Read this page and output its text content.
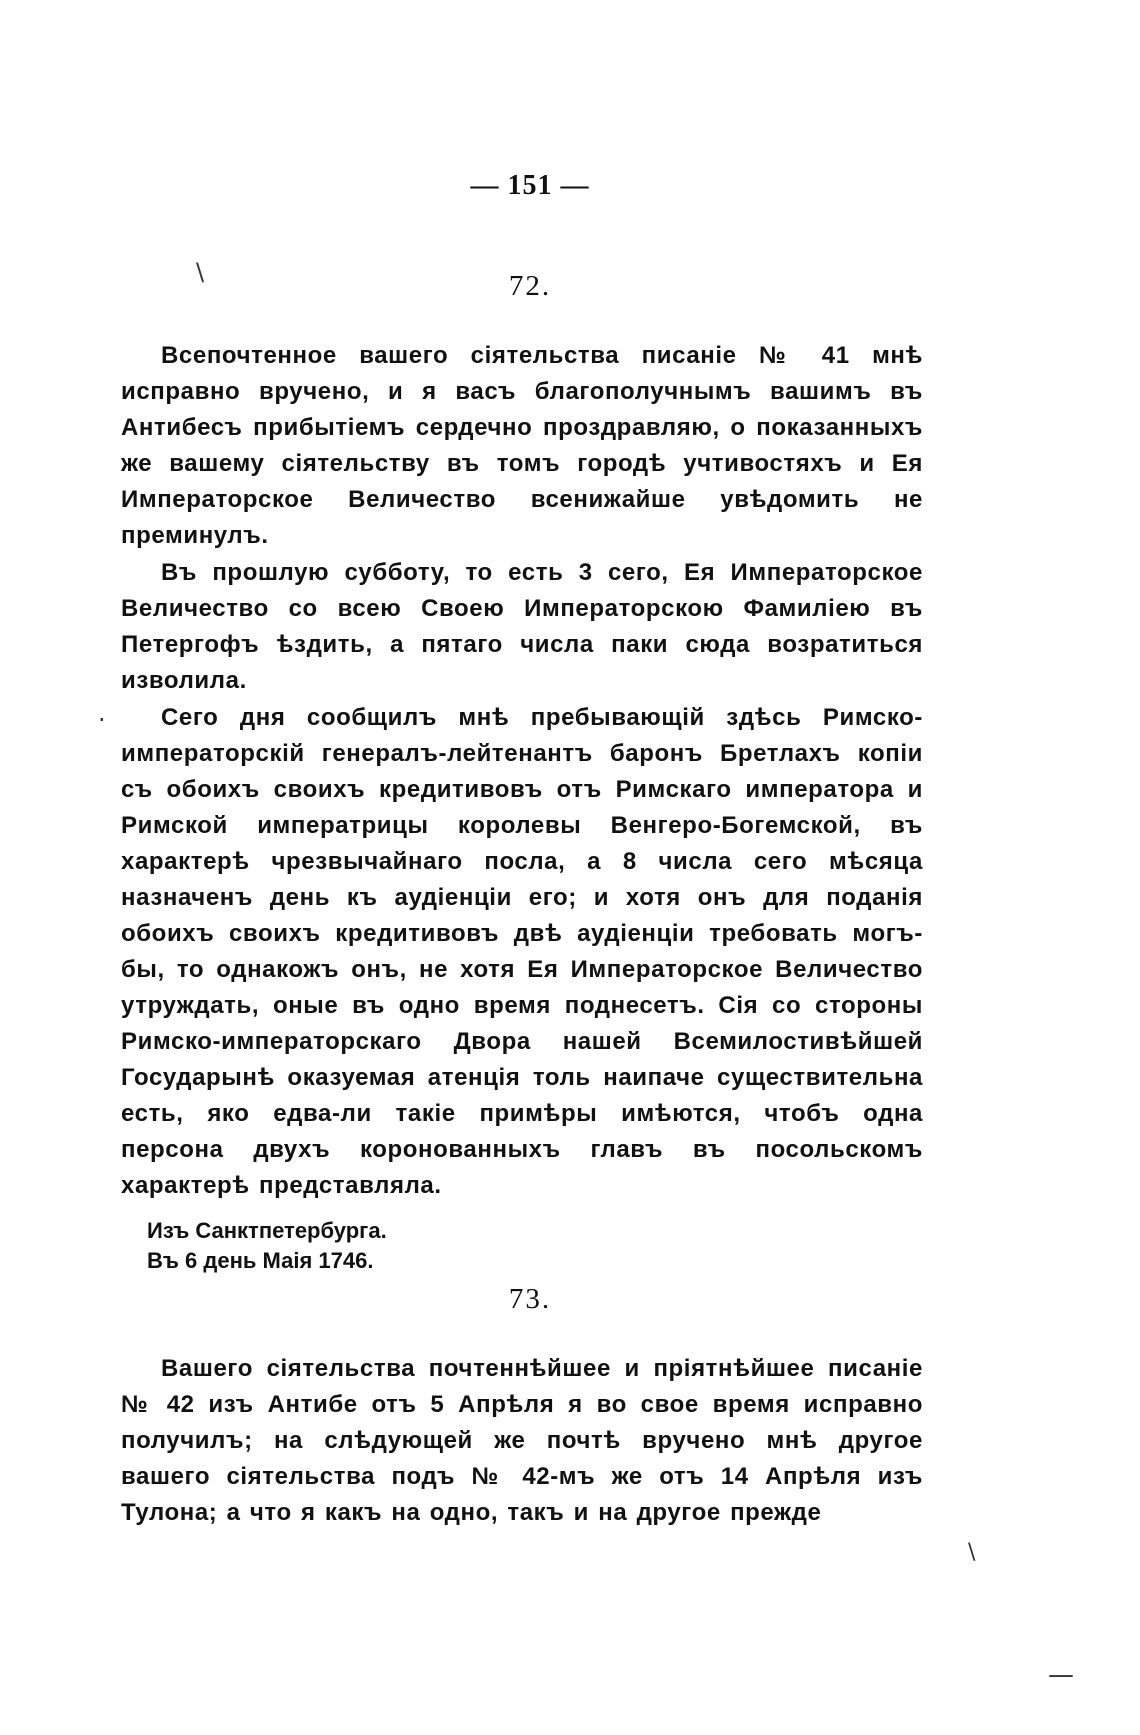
— 151 —
\	72.

Всепочтенное вашего сiятельства писанiе № 41 мнѣ исправно вручено, и я васъ благополучнымъ вашимъ въ Антибесъ прибытiемъ сердечно проздравляю, о показанныхъ же вашему сiятельству въ томъ городѣ учтивостяхъ и Ея Императорское Величество всенижайше увѣдомить не преминулъ.

Въ прошлую субботу, то есть 3 сего, Ея Императорское Величество со всею Своею Императорскою Фамилiею въ Петергофъ ѣздить, а пятаго числа паки сюда возратиться изволила.

·	Сего дня сообщилъ мнѣ пребывающiй здѣсь Римско-императорскiй генералъ-лейтенантъ баронъ Бретлахъ копiи съ обоихъ своихъ кредитивовъ отъ Римскаго императора и Римской императрицы королевы Венгеро-Богемской, въ характерѣ чрезвычайнаго посла, а 8 числа сего мѣсяца назначенъ день къ аудiенцiи его; и хотя онъ для поданiя обоихъ своихъ кредитивовъ двѣ аудiенцiи требовать могъ-бы, то однакожъ онъ, не хотя Ея Императорское Величество утруждать, оные въ одно время поднесетъ. Сiя со стороны Римско-императорскаго Двора нашей Всемилостивѣйшей Государынѣ оказуемая атенцiя толь наипаче существительна есть, яко едва-ли такiе примѣры имѣются, чтобъ одна персона двухъ коронованныхъ главъ въ посольскомъ характерѣ представляла.

Изъ Санктпетербурга.
Въ 6 день Маiя 1746.
73.

Вашего сiятельства почтеннѣйшее и прiятнѣйшее писанiе № 42 изъ Антибе отъ 5 Апрѣля я во свое время исправно получилъ; на слѣдующей же почтѣ вручено мнѣ другое вашего сiятельства подъ № 42-мъ же отъ 14 Апрѣля изъ Тулона; а что я какъ на одно, такъ и на другое прежде

\
—
